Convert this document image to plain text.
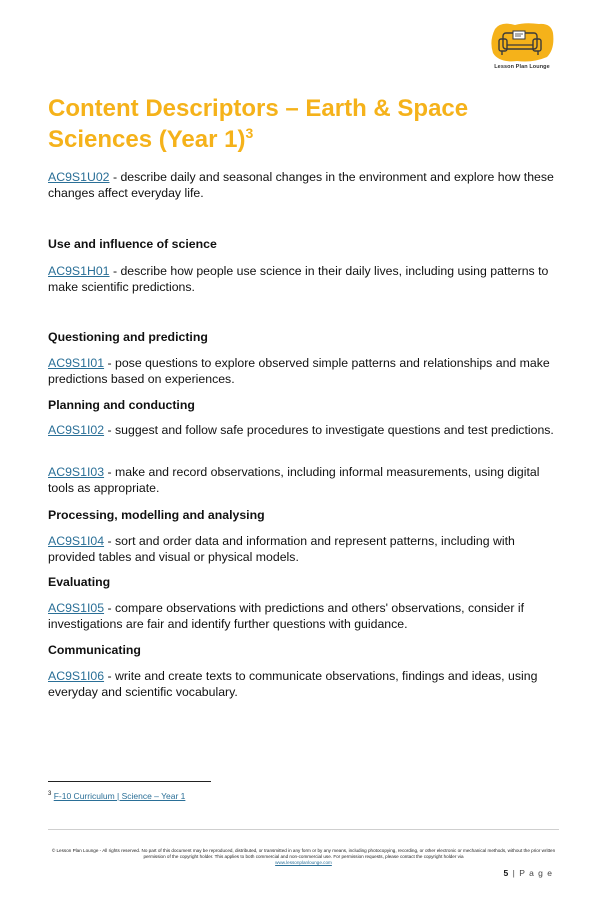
Lesson Plan Lounge
Content Descriptors – Earth & Space Sciences (Year 1)$^3$
AC9S1U02 - describe daily and seasonal changes in the environment and explore how these changes affect everyday life.
Use and influence of science
AC9S1H01 - describe how people use science in their daily lives, including using patterns to make scientific predictions.
Questioning and predicting
AC9S1I01 - pose questions to explore observed simple patterns and relationships and make predictions based on experiences.
Planning and conducting
AC9S1I02 - suggest and follow safe procedures to investigate questions and test predictions.
AC9S1I03 - make and record observations, including informal measurements, using digital tools as appropriate.
Processing, modelling and analysing
AC9S1I04 - sort and order data and information and represent patterns, including with provided tables and visual or physical models.
Evaluating
AC9S1I05 - compare observations with predictions and others' observations, consider if investigations are fair and identify further questions with guidance.
Communicating
AC9S1I06 - write and create texts to communicate observations, findings and ideas, using everyday and scientific vocabulary.
$^3$ F-10 Curriculum | Science – Year 1
© Lesson Plan Lounge - All rights reserved. No part of this document may be reproduced, distributed, or transmitted in any form or by any means, including photocopying, recording, or other electronic or mechanical methods, without the prior written permission of the copyright holder. This applies to both commercial and non-commercial use. For permission requests, please contact the copyright holder via
www.lessonplanlounge.com
5 | P a g e
